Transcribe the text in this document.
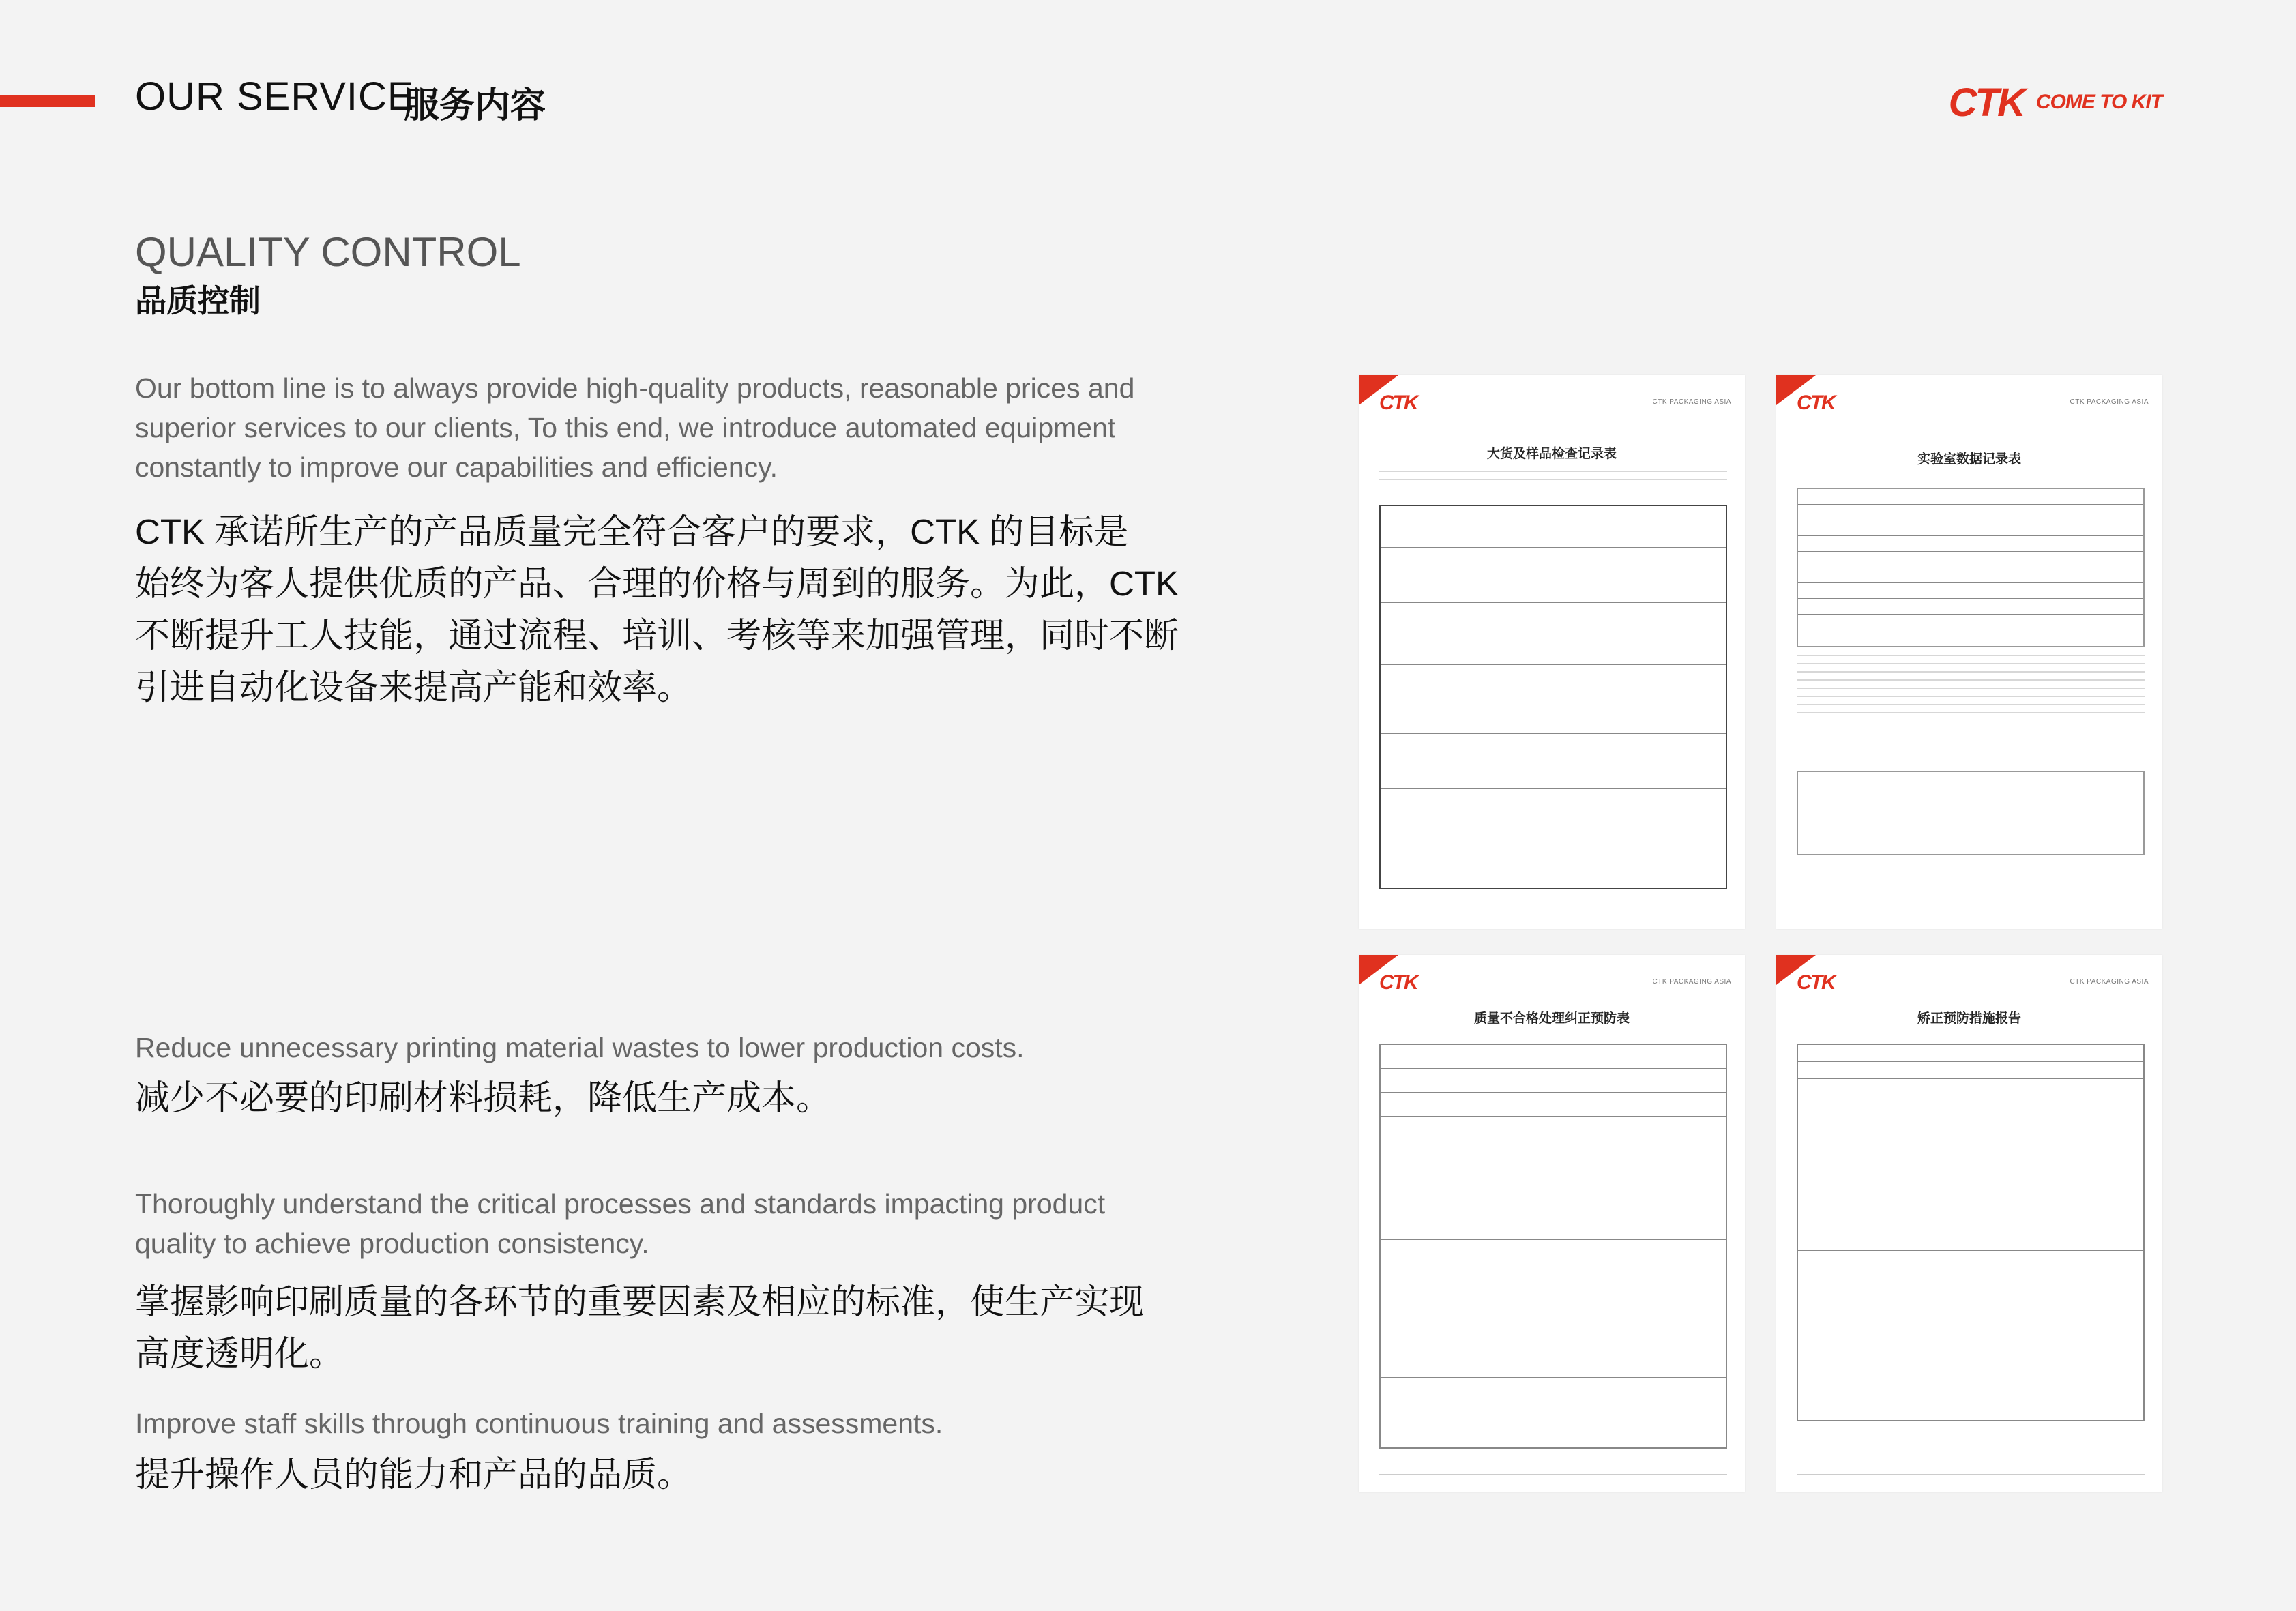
OUR SERVICE
服务内容	CTK COME TO KIT
QUALITY CONTROL
品质控制
Our bottom line is to always provide high-quality products, reasonable prices and
superior services to our clients, To this end, we introduce automated equipment
constantly to improve our capabilities and efficiency.
CTK 承诺所生产的产品质量完全符合客户的要求，CTK 的目标是
始终为客人提供优质的产品、合理的价格与周到的服务。为此，CTK
不断提升工人技能，通过流程、培训、考核等来加强管理，同时不断
引进自动化设备来提高产能和效率。
Reduce unnecessary printing material wastes to lower production costs.
减少不必要的印刷材料损耗，降低生产成本。
Thoroughly understand the critical processes and standards impacting product
quality to achieve production consistency.
掌握影响印刷质量的各环节的重要因素及相应的标准，使生产实现
高度透明化。
Improve staff skills through continuous training and assessments.
提升操作人员的能力和产品的品质。
CTK	CTK PACKAGING ASIA
大货及样品检查记录表
CTK	CTK PACKAGING ASIA
实验室数据记录表
CTK	CTK PACKAGING ASIA
质量不合格处理纠正预防表
CTK	CTK PACKAGING ASIA
矫正预防措施报告
